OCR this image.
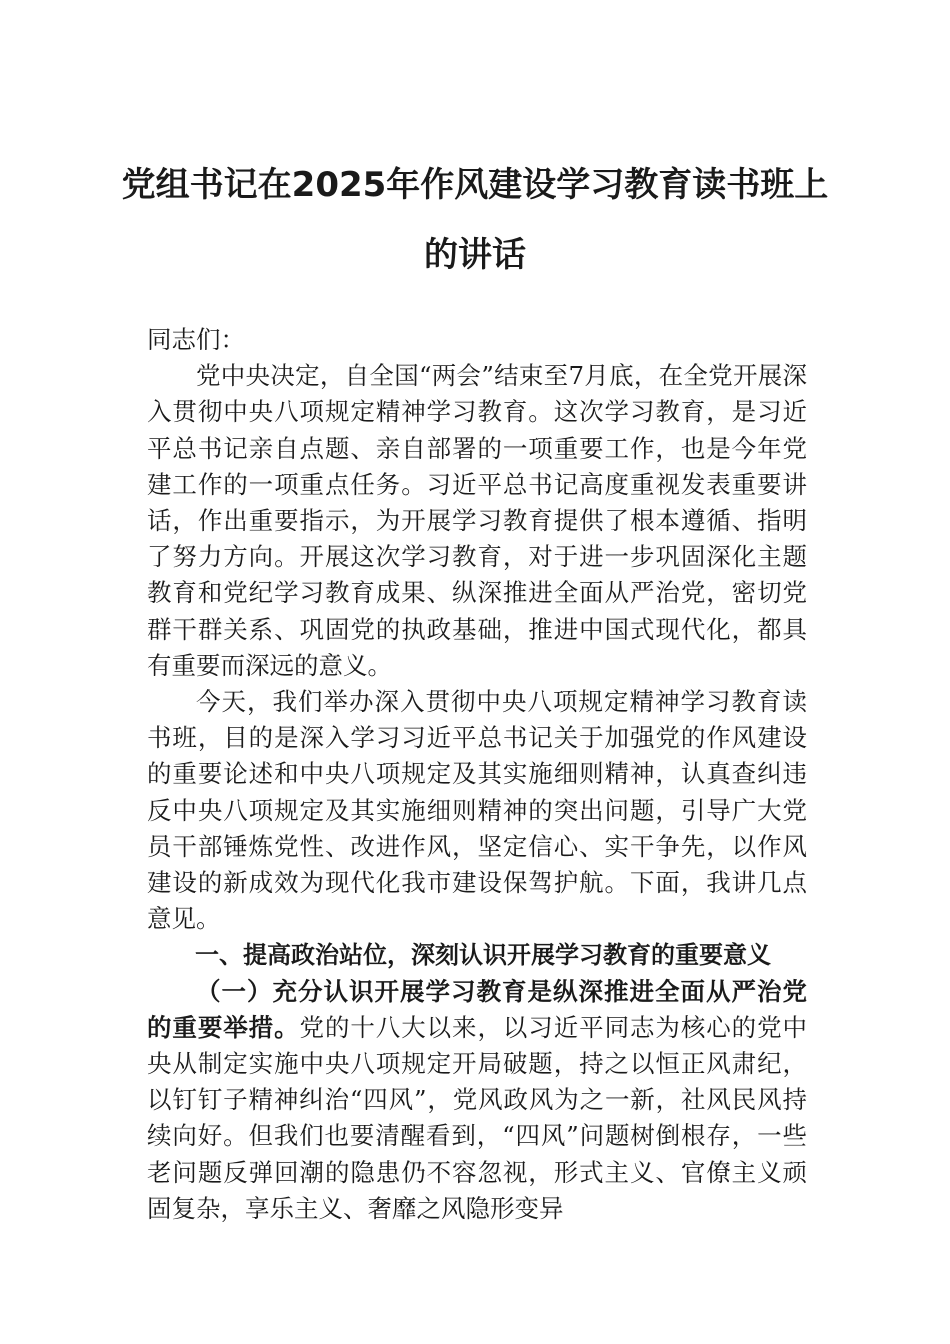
党组书记在2025年作风建设学习教育读书班上的讲话

同志们：

党中央决定，自全国“两会”结束至7月底，在全党开展深入贯彻中央八项规定精神学习教育。这次学习教育，是习近平总书记亲自点题、亲自部署的一项重要工作，也是今年党建工作的一项重点任务。习近平总书记高度重视发表重要讲话，作出重要指示，为开展学习教育提供了根本遵循、指明了努力方向。开展这次学习教育，对于进一步巩固深化主题教育和党纪学习教育成果、纵深推进全面从严治党，密切党群干群关系、巩固党的执政基础，推进中国式现代化，都具有重要而深远的意义。

今天，我们举办深入贯彻中央八项规定精神学习教育读书班，目的是深入学习习近平总书记关于加强党的作风建设的重要论述和中央八项规定及其实施细则精神，认真查纠违反中央八项规定及其实施细则精神的突出问题，引导广大党员干部锤炼党性、改进作风，坚定信心、实干争先，以作风建设的新成效为现代化我市建设保驾护航。下面，我讲几点意见。

一、提高政治站位，深刻认识开展学习教育的重要意义

（一）充分认识开展学习教育是纵深推进全面从严治党的重要举措。党的十八大以来，以习近平同志为核心的党中央从制定实施中央八项规定开局破题，持之以恒正风肃纪，以钉钉子精神纠治“四风”，党风政风为之一新，社风民风持续向好。但我们也要清醒看到，“四风”问题树倒根存，一些老问题反弹回潮的隐患仍不容忽视，形式主义、官僚主义顽固复杂，享乐主义、奢靡之风隐形变异
